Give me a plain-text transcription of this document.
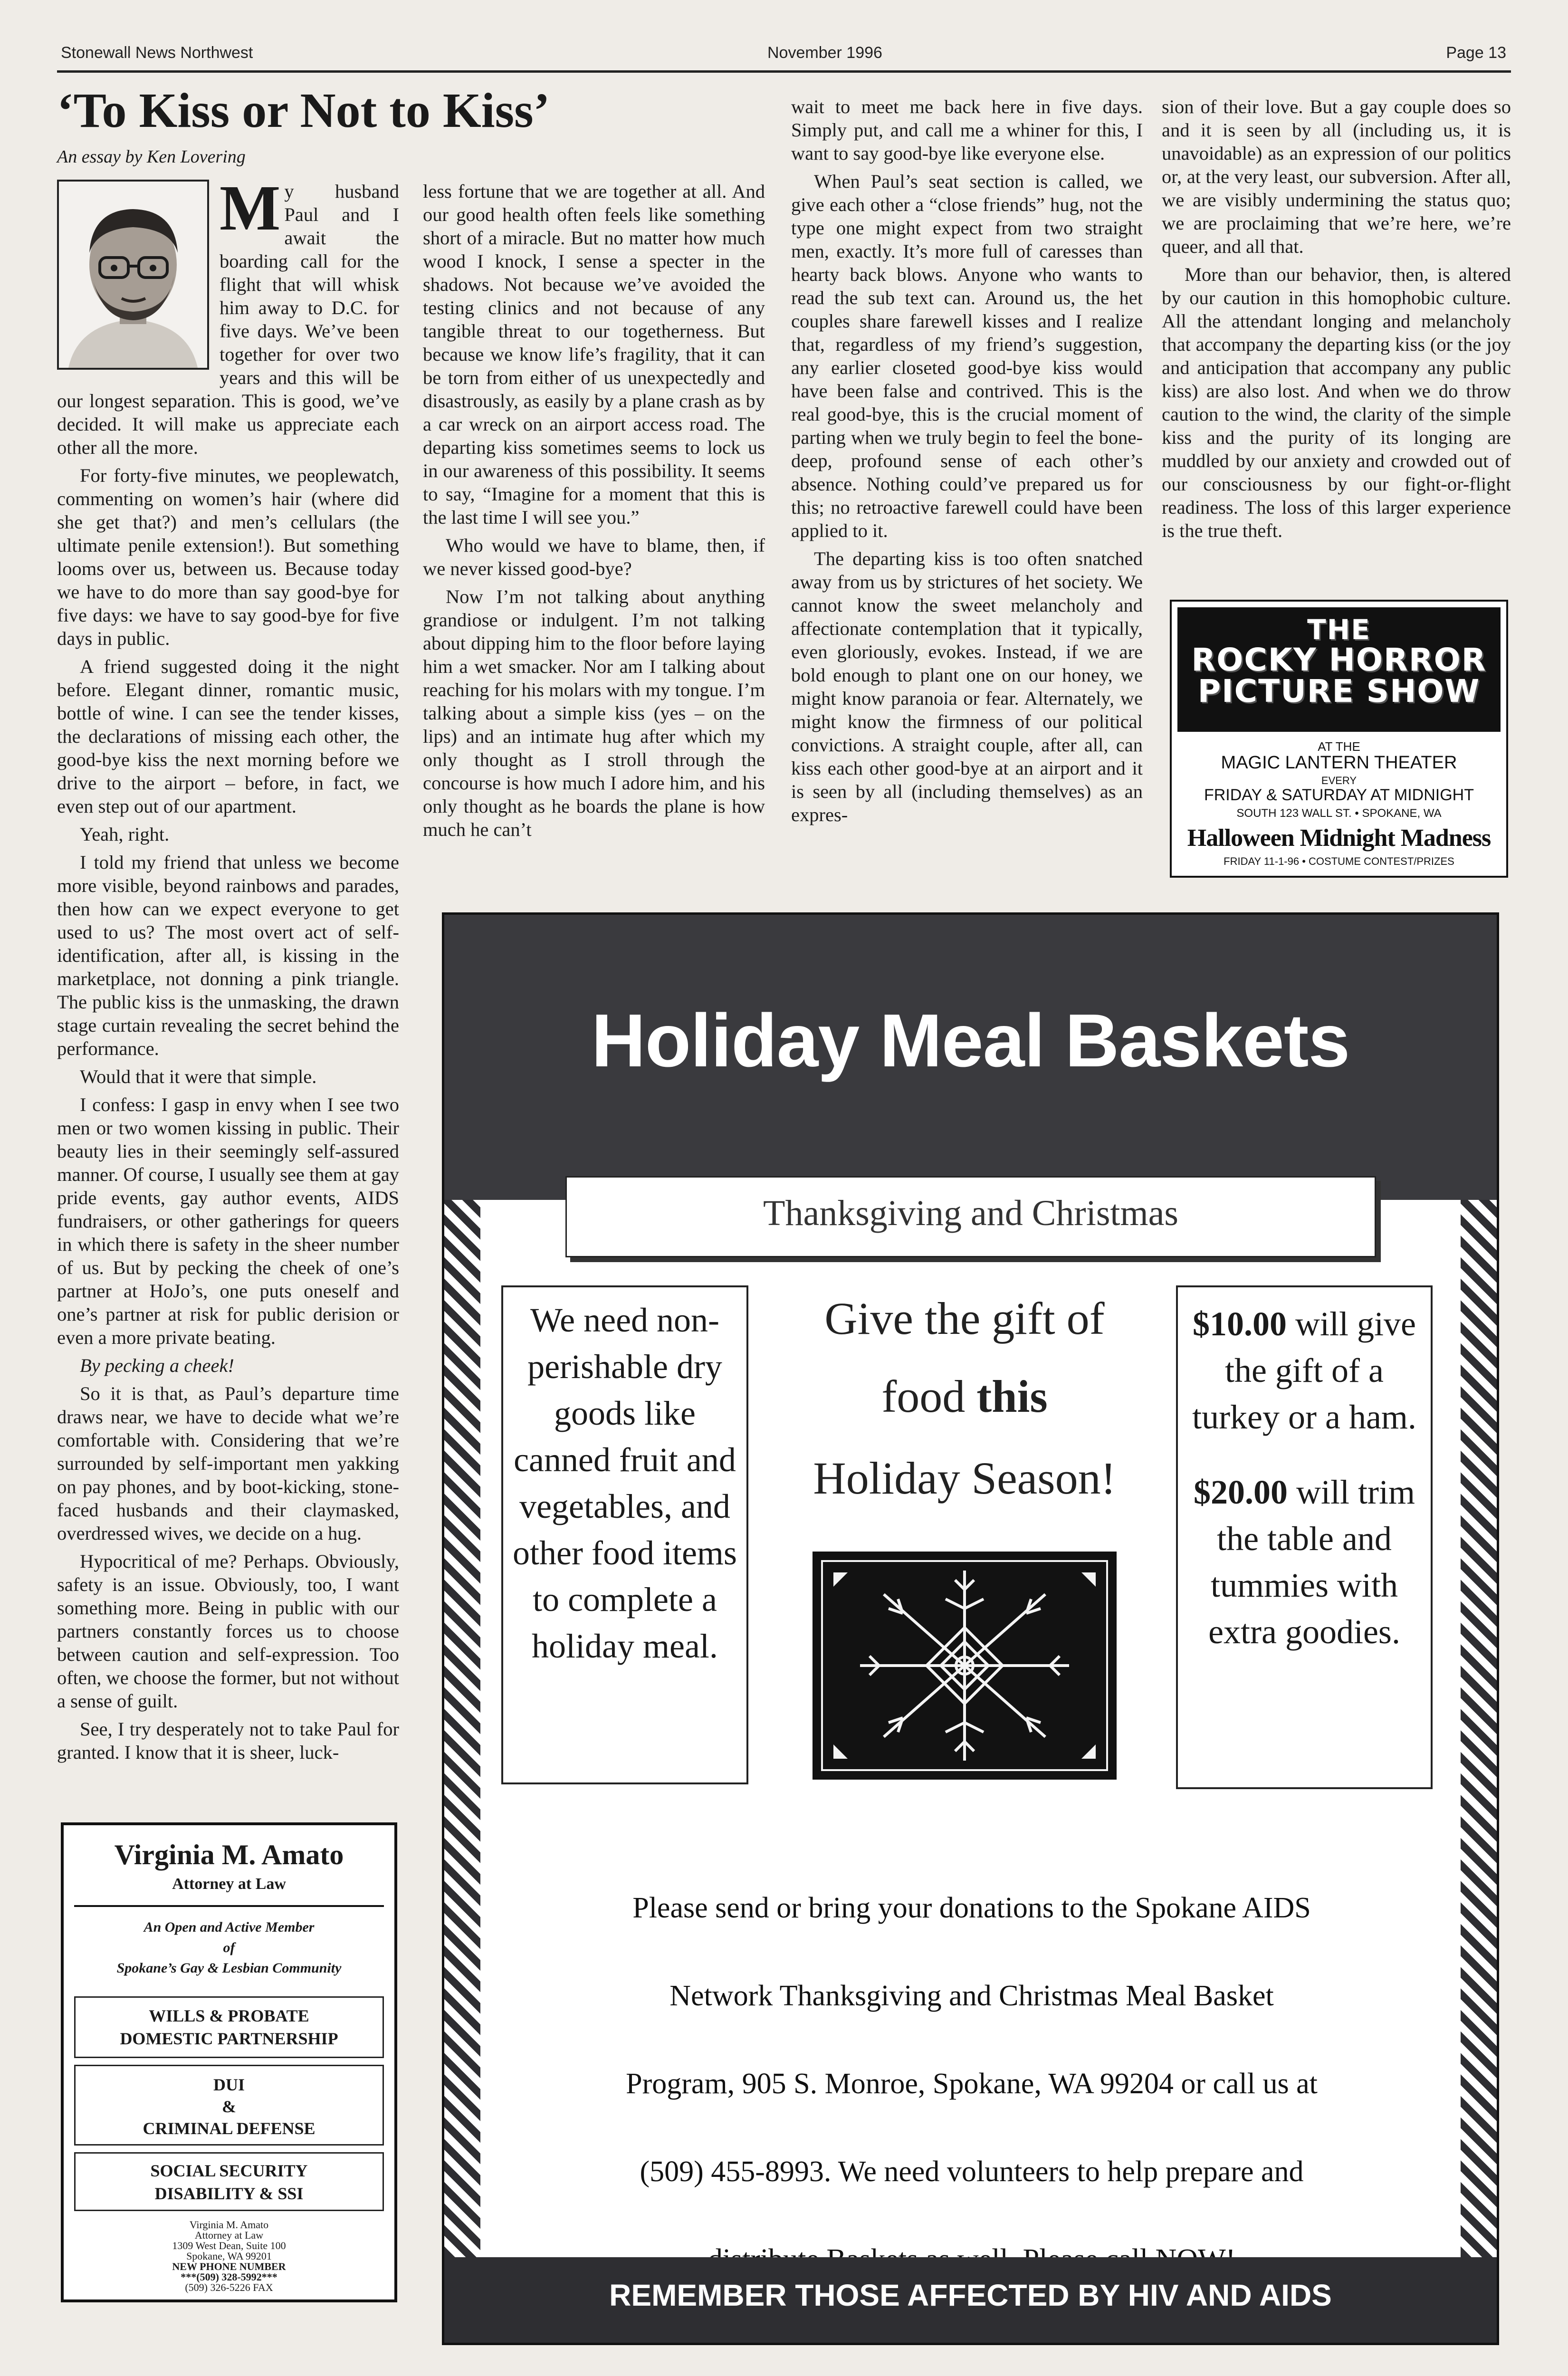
Stonewall News Northwest	November 1996	Page 13
‘To Kiss or Not to Kiss’
An essay by Ken Lovering
M y husband Paul and I await the boarding call for the flight that will whisk him away to D.C. for five days. We’ve been together for over two years and this will be our longest separation. This is good, we’ve decided. It will make us appreciate each other all the more.

For forty-five minutes, we peoplewatch, commenting on women’s hair (where did she get that?) and men’s cellulars (the ultimate penile extension!). But something looms over us, between us. Because today we have to do more than say good-bye for five days: we have to say good-bye for five days in public.

A friend suggested doing it the night before. Elegant dinner, romantic music, bottle of wine. I can see the tender kisses, the declarations of missing each other, the good-bye kiss the next morning before we drive to the airport – before, in fact, we even step out of our apartment.

Yeah, right.

I told my friend that unless we become more visible, beyond rainbows and parades, then how can we expect everyone to get used to us? The most overt act of self-identification, after all, is kissing in the marketplace, not donning a pink triangle. The public kiss is the unmasking, the drawn stage curtain revealing the secret behind the performance.

Would that it were that simple.

I confess: I gasp in envy when I see two men or two women kissing in public. Their beauty lies in their seemingly self-assured manner. Of course, I usually see them at gay pride events, gay author events, AIDS fundraisers, or other gatherings for queers in which there is safety in the sheer number of us. But by pecking the cheek of one’s partner at HoJo’s, one puts oneself and one’s partner at risk for public derision or even a more private beating.

By pecking a cheek!

So it is that, as Paul’s departure time draws near, we have to decide what we’re comfortable with. Considering that we’re surrounded by self-important men yakking on pay phones, and by boot-kicking, stone-faced husbands and their claymasked, overdressed wives, we decide on a hug.

Hypocritical of me? Perhaps. Obviously, safety is an issue. Obviously, too, I want something more. Being in public with our partners constantly forces us to choose between caution and self-expression. Too often, we choose the former, but not without a sense of guilt.

See, I try desperately not to take Paul for granted. I know that it is sheer, luck-

less fortune that we are together at all. And our good health often feels like something short of a miracle. But no matter how much wood I knock, I sense a specter in the shadows. Not because we’ve avoided the testing clinics and not because of any tangible threat to our togetherness. But because we know life’s fragility, that it can be torn from either of us unexpectedly and disastrously, as easily by a plane crash as by a car wreck on an airport access road. The departing kiss sometimes seems to lock us in our awareness of this possibility. It seems to say, “Imagine for a moment that this is the last time I will see you.”

Who would we have to blame, then, if we never kissed good-bye?

Now I’m not talking about anything grandiose or indulgent. I’m not talking about dipping him to the floor before laying him a wet smacker. Nor am I talking about reaching for his molars with my tongue. I’m talking about a simple kiss (yes – on the lips) and an intimate hug after which my only thought as I stroll through the concourse is how much I adore him, and his only thought as he boards the plane is how much he can’t

wait to meet me back here in five days. Simply put, and call me a whiner for this, I want to say good-bye like everyone else.

When Paul’s seat section is called, we give each other a “close friends” hug, not the type one might expect from two straight men, exactly. It’s more full of caresses than hearty back blows. Anyone who wants to read the sub text can. Around us, the het couples share farewell kisses and I realize that, regardless of my friend’s suggestion, any earlier closeted good-bye kiss would have been false and contrived. This is the real good-bye, this is the crucial moment of parting when we truly begin to feel the bone-deep, profound sense of each other’s absence. Nothing could’ve prepared us for this; no retroactive farewell could have been applied to it.

The departing kiss is too often snatched away from us by strictures of het society. We cannot know the sweet melancholy and affectionate contemplation that it typically, even gloriously, evokes. Instead, if we are bold enough to plant one on our honey, we might know paranoia or fear. Alternately, we might know the firmness of our political convictions. A straight couple, after all, can kiss each other good-bye at an airport and it is seen by all (including themselves) as an expres-

sion of their love. But a gay couple does so and it is seen by all (including us, it is unavoidable) as an expression of our politics or, at the very least, our subversion. After all, we are visibly undermining the status quo; we are proclaiming that we’re here, we’re queer, and all that.

More than our behavior, then, is altered by our caution in this homophobic culture. All the attendant longing and melancholy that accompany the departing kiss (or the joy and anticipation that accompany any public kiss) are also lost. And when we do throw caution to the wind, the clarity of the simple kiss and the purity of its longing are muddled by our anxiety and crowded out of our consciousness by our fight-or-flight readiness. The loss of this larger experience is the true theft.

THE
ROCKY HORROR
PICTURE SHOW
AT THE
MAGIC LANTERN THEATER
EVERY
FRIDAY & SATURDAY AT MIDNIGHT
SOUTH 123 WALL ST. • SPOKANE, WA
Halloween Midnight Madness
FRIDAY 11-1-96 • COSTUME CONTEST/PRIZES
Holiday Meal Baskets
Thanksgiving and Christmas
We need non-perishable dry goods like canned fruit and vegetables, and other food items to complete a holiday meal.
Give the gift of
food this
Holiday Season!
$10.00 will give the gift of a turkey or a ham.
$20.00 will trim the table and tummies with extra goodies.
Please send or bring your donations to the Spokane AIDS
Network Thanksgiving and Christmas Meal Basket
Program, 905 S. Monroe, Spokane, WA 99204 or call us at
(509) 455-8993. We need volunteers to help prepare and
REMEMBER THOSE AFFECTED BY HIV AND AIDS
Virginia M. Amato
Attorney at Law
An Open and Active Member
of
Spokane’s Gay & Lesbian Community
WILLS & PROBATE
DOMESTIC PARTNERSHIP
DUI
&
CRIMINAL DEFENSE
SOCIAL SECURITY
DISABILITY & SSI
Virginia M. Amato
Attorney at Law
1309 West Dean, Suite 100
Spokane, WA 99201
NEW PHONE NUMBER
***(509) 328-5992***
(509) 326-5226 FAX
